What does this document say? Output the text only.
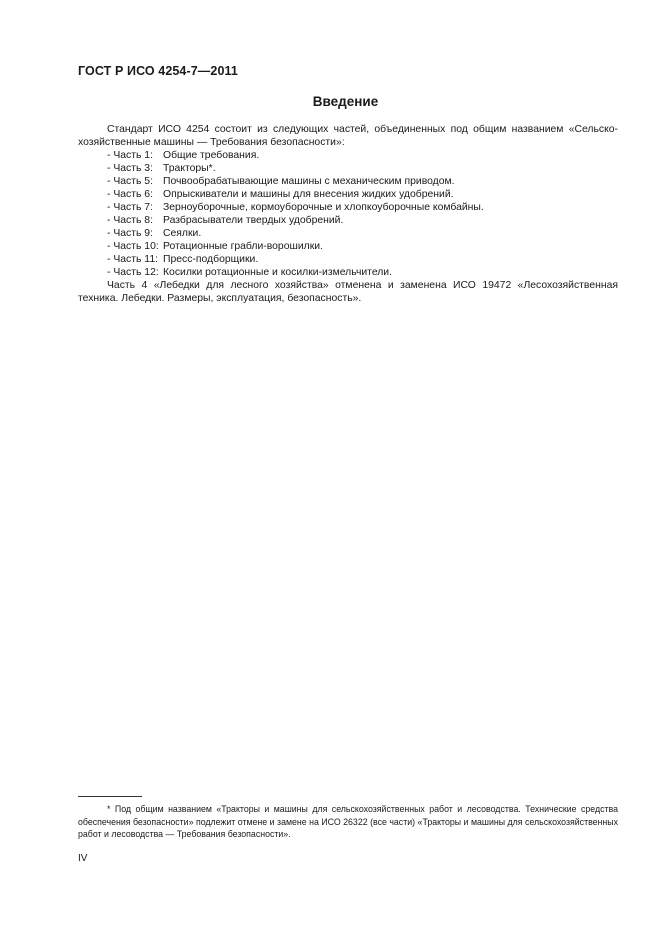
ГОСТ Р ИСО 4254-7—2011
Введение

Стандарт ИСО 4254 состоит из следующих частей, объединенных под общим названием «Сельско-хозяйственные машины — Требования безопасности»:

- Часть 1: Общие требования.
- Часть 3: Тракторы*.
- Часть 5: Почвообрабатывающие машины с механическим приводом.
- Часть 6: Опрыскиватели и машины для внесения жидких удобрений.
- Часть 7: Зерноуборочные, кормоуборочные и хлопкоуборочные комбайны.
- Часть 8: Разбрасыватели твердых удобрений.
- Часть 9: Сеялки.
- Часть 10: Ротационные грабли-ворошилки.
- Часть 11: Пресс-подборщики.
- Часть 12: Косилки ротационные и косилки-измельчители.

Часть 4 «Лебедки для лесного хозяйства» отменена и заменена ИСО 19472 «Лесохозяйственная техника. Лебедки. Размеры, эксплуатация, безопасность».

* Под общим названием «Тракторы и машины для сельскохозяйственных работ и лесоводства. Технические средства обеспечения безопасности» подлежит отмене и замене на ИСО 26322 (все части) «Тракторы и машины для сельскохозяйственных работ и лесоводства — Требования безопасности».
IV
